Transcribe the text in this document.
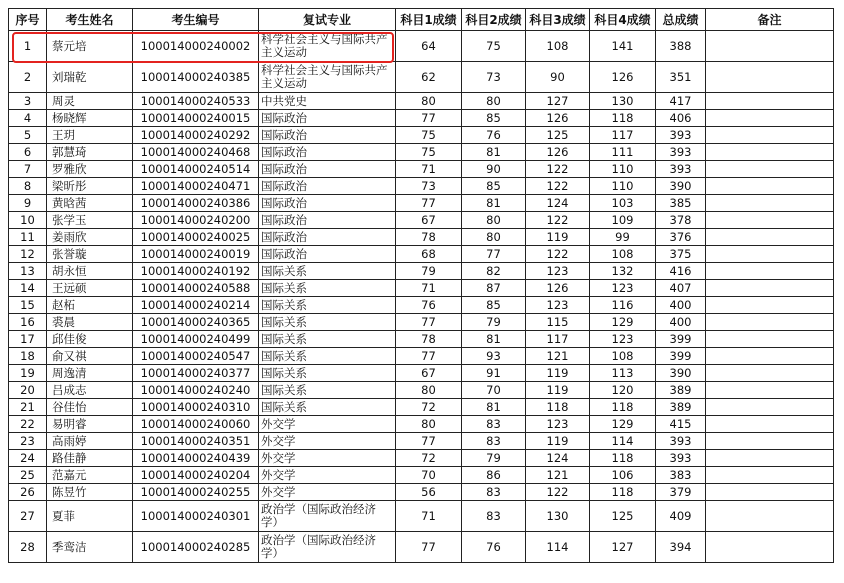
序号	考生姓名	考生编号	复试专业	科目1成绩	科目2成绩	科目3成绩	科目4成绩	总成绩	备注
1	蔡元培	100014000240002	科学社会主义与国际共产主义运动	64	75	108	141	388	
2	刘瑞乾	100014000240385	科学社会主义与国际共产主义运动	62	73	90	126	351	
3	周灵	100014000240533	中共党史	80	80	127	130	417	
4	杨晓辉	100014000240015	国际政治	77	85	126	118	406	
5	王玥	100014000240292	国际政治	75	76	125	117	393	
6	郭慧琦	100014000240468	国际政治	75	81	126	111	393	
7	罗雅欣	100014000240514	国际政治	71	90	122	110	393	
8	梁昕彤	100014000240471	国际政治	73	85	122	110	390	
9	黄晗茜	100014000240386	国际政治	77	81	124	103	385	
10	张学玉	100014000240200	国际政治	67	80	122	109	378	
11	姜雨欣	100014000240025	国际政治	78	80	119	99	376	
12	张誉璇	100014000240019	国际政治	68	77	122	108	375	
13	胡永恒	100014000240192	国际关系	79	82	123	132	416	
14	王远硕	100014000240588	国际关系	71	87	126	123	407	
15	赵柘	100014000240214	国际关系	76	85	123	116	400	
16	裘晨	100014000240365	国际关系	77	79	115	129	400	
17	邱佳俊	100014000240499	国际关系	78	81	117	123	399	
18	俞又祺	100014000240547	国际关系	77	93	121	108	399	
19	周逸清	100014000240377	国际关系	67	91	119	113	390	
20	吕成志	100014000240240	国际关系	80	70	119	120	389	
21	谷佳怡	100014000240310	国际关系	72	81	118	118	389	
22	易明睿	100014000240060	外交学	80	83	123	129	415	
23	高雨婷	100014000240351	外交学	77	83	119	114	393	
24	路佳静	100014000240439	外交学	72	79	124	118	393	
25	范嘉元	100014000240204	外交学	70	86	121	106	383	
26	陈昱竹	100014000240255	外交学	56	83	122	118	379	
27	夏菲	100014000240301	政治学（国际政治经济学）	71	83	130	125	409	
28	季鸾洁	100014000240285	政治学（国际政治经济学）	77	76	114	127	394	
